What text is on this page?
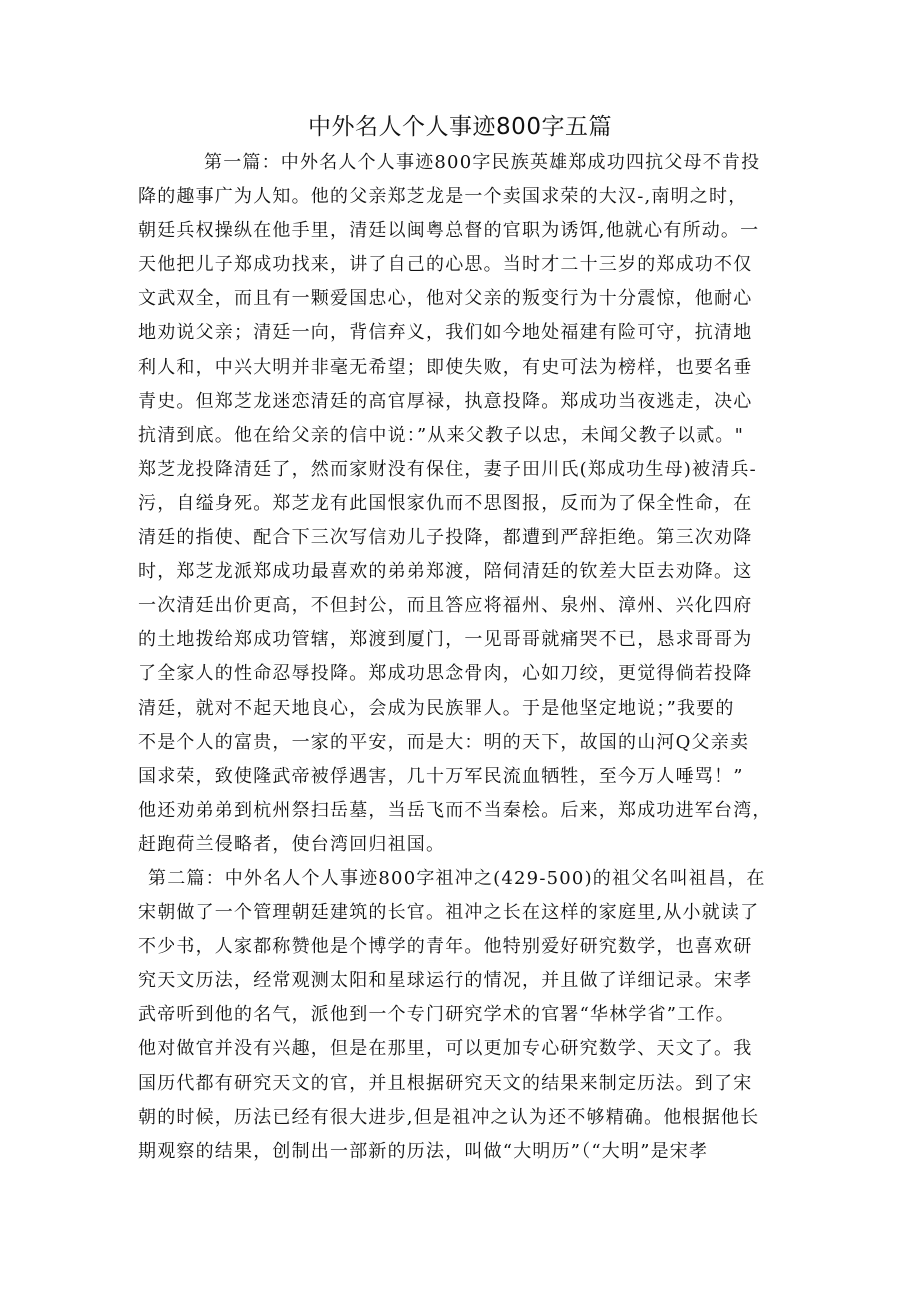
中外名人个人事迹800字五篇
第一篇：中外名人个人事迹800字民族英雄郑成功四抗父母不肯投
降的趣事广为人知。他的父亲郑芝龙是一个卖国求荣的大汉-,南明之时，
朝廷兵权操纵在他手里，清廷以闽粤总督的官职为诱饵,他就心有所动。一
天他把儿子郑成功找来，讲了自己的心思。当时才二十三岁的郑成功不仅
文武双全，而且有一颗爱国忠心，他对父亲的叛变行为十分震惊，他耐心
地劝说父亲；清廷一向，背信弃义，我们如今地处福建有险可守，抗清地
利人和，中兴大明并非毫无希望；即使失败，有史可法为榜样，也要名垂
青史。但郑芝龙迷恋清廷的高官厚禄，执意投降。郑成功当夜逃走，决心
抗清到底。他在给父亲的信中说：”从来父教子以忠，未闻父教子以贰。"
郑芝龙投降清廷了，然而家财没有保住，妻子田川氏(郑成功生母)被清兵-
污，自缢身死。郑芝龙有此国恨家仇而不思图报，反而为了保全性命，在
清廷的指使、配合下三次写信劝儿子投降，都遭到严辞拒绝。第三次劝降
时，郑芝龙派郑成功最喜欢的弟弟郑渡，陪伺清廷的钦差大臣去劝降。这
一次清廷出价更高，不但封公，而且答应将福州、泉州、漳州、兴化四府
的土地拨给郑成功管辖，郑渡到厦门，一见哥哥就痛哭不已，恳求哥哥为
了全家人的性命忍辱投降。郑成功思念骨肉，心如刀绞，更觉得倘若投降
清廷，就对不起天地良心，会成为民族罪人。于是他坚定地说；”我要的
不是个人的富贵，一家的平安，而是大：明的天下，故国的山河Q父亲卖
国求荣，致使隆武帝被俘遇害，几十万军民流血牺牲，至今万人唾骂！”
他还劝弟弟到杭州祭扫岳墓，当岳飞而不当秦桧。后来，郑成功进军台湾，
赶跑荷兰侵略者，使台湾回归祖国。
第二篇：中外名人个人事迹800字祖冲之(429-500)的祖父名叫祖昌，在
宋朝做了一个管理朝廷建筑的长官。祖冲之长在这样的家庭里,从小就读了
不少书，人家都称赞他是个博学的青年。他特别爱好研究数学，也喜欢研
究天文历法，经常观测太阳和星球运行的情况，并且做了详细记录。宋孝
武帝听到他的名气，派他到一个专门研究学术的官署“华林学省”工作。
他对做官并没有兴趣，但是在那里，可以更加专心研究数学、天文了。我
国历代都有研究天文的官，并且根据研究天文的结果来制定历法。到了宋
朝的时候，历法已经有很大进步,但是祖冲之认为还不够精确。他根据他长
期观察的结果，创制出一部新的历法，叫做“大明历”（“大明”是宋孝
